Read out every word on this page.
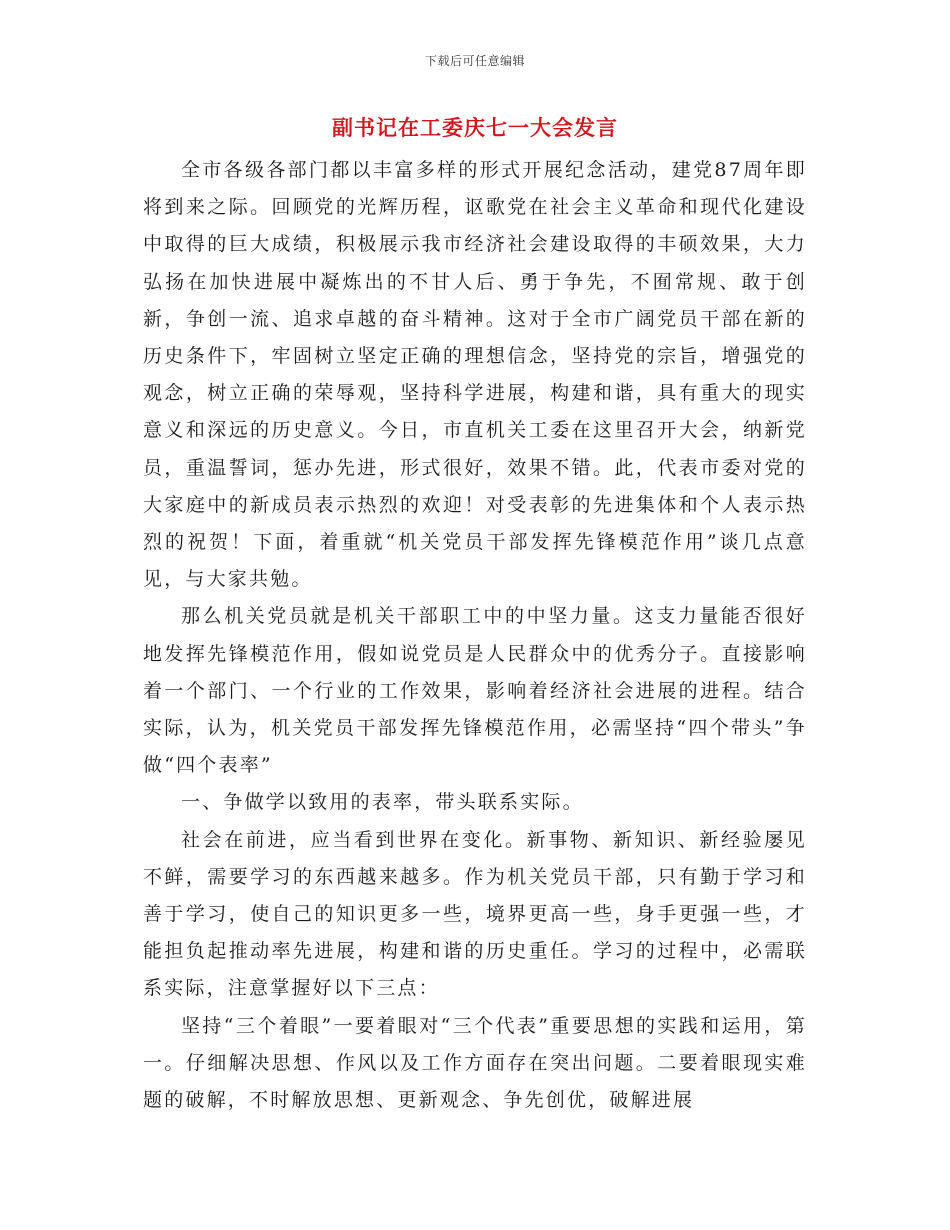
下载后可任意编辑
副书记在工委庆七一大会发言

全市各级各部门都以丰富多样的形式开展纪念活动，建党87周年即将到来之际。回顾党的光辉历程，讴歌党在社会主义革命和现代化建设中取得的巨大成绩，积极展示我市经济社会建设取得的丰硕效果，大力弘扬在加快进展中凝炼出的不甘人后、勇于争先，不囿常规、敢于创新，争创一流、追求卓越的奋斗精神。这对于全市广阔党员干部在新的历史条件下，牢固树立坚定正确的理想信念，坚持党的宗旨，增强党的观念，树立正确的荣辱观，坚持科学进展，构建和谐，具有重大的现实意义和深远的历史意义。今日，市直机关工委在这里召开大会，纳新党员，重温誓词，惩办先进，形式很好，效果不错。此，代表市委对党的大家庭中的新成员表示热烈的欢迎！对受表彰的先进集体和个人表示热烈的祝贺！下面，着重就“机关党员干部发挥先锋模范作用”谈几点意见，与大家共勉。

那么机关党员就是机关干部职工中的中坚力量。这支力量能否很好地发挥先锋模范作用，假如说党员是人民群众中的优秀分子。直接影响着一个部门、一个行业的工作效果，影响着经济社会进展的进程。结合实际，认为，机关党员干部发挥先锋模范作用，必需坚持“四个带头”争做“四个表率”

一、争做学以致用的表率，带头联系实际。

社会在前进，应当看到世界在变化。新事物、新知识、新经验屡见不鲜，需要学习的东西越来越多。作为机关党员干部，只有勤于学习和善于学习，使自己的知识更多一些，境界更高一些，身手更强一些，才能担负起推动率先进展，构建和谐的历史重任。学习的过程中，必需联系实际，注意掌握好以下三点：

坚持“三个着眼”一要着眼对“三个代表”重要思想的实践和运用，第一。仔细解决思想、作风以及工作方面存在突出问题。二要着眼现实难题的破解，不时解放思想、更新观念、争先创优，破解进展
